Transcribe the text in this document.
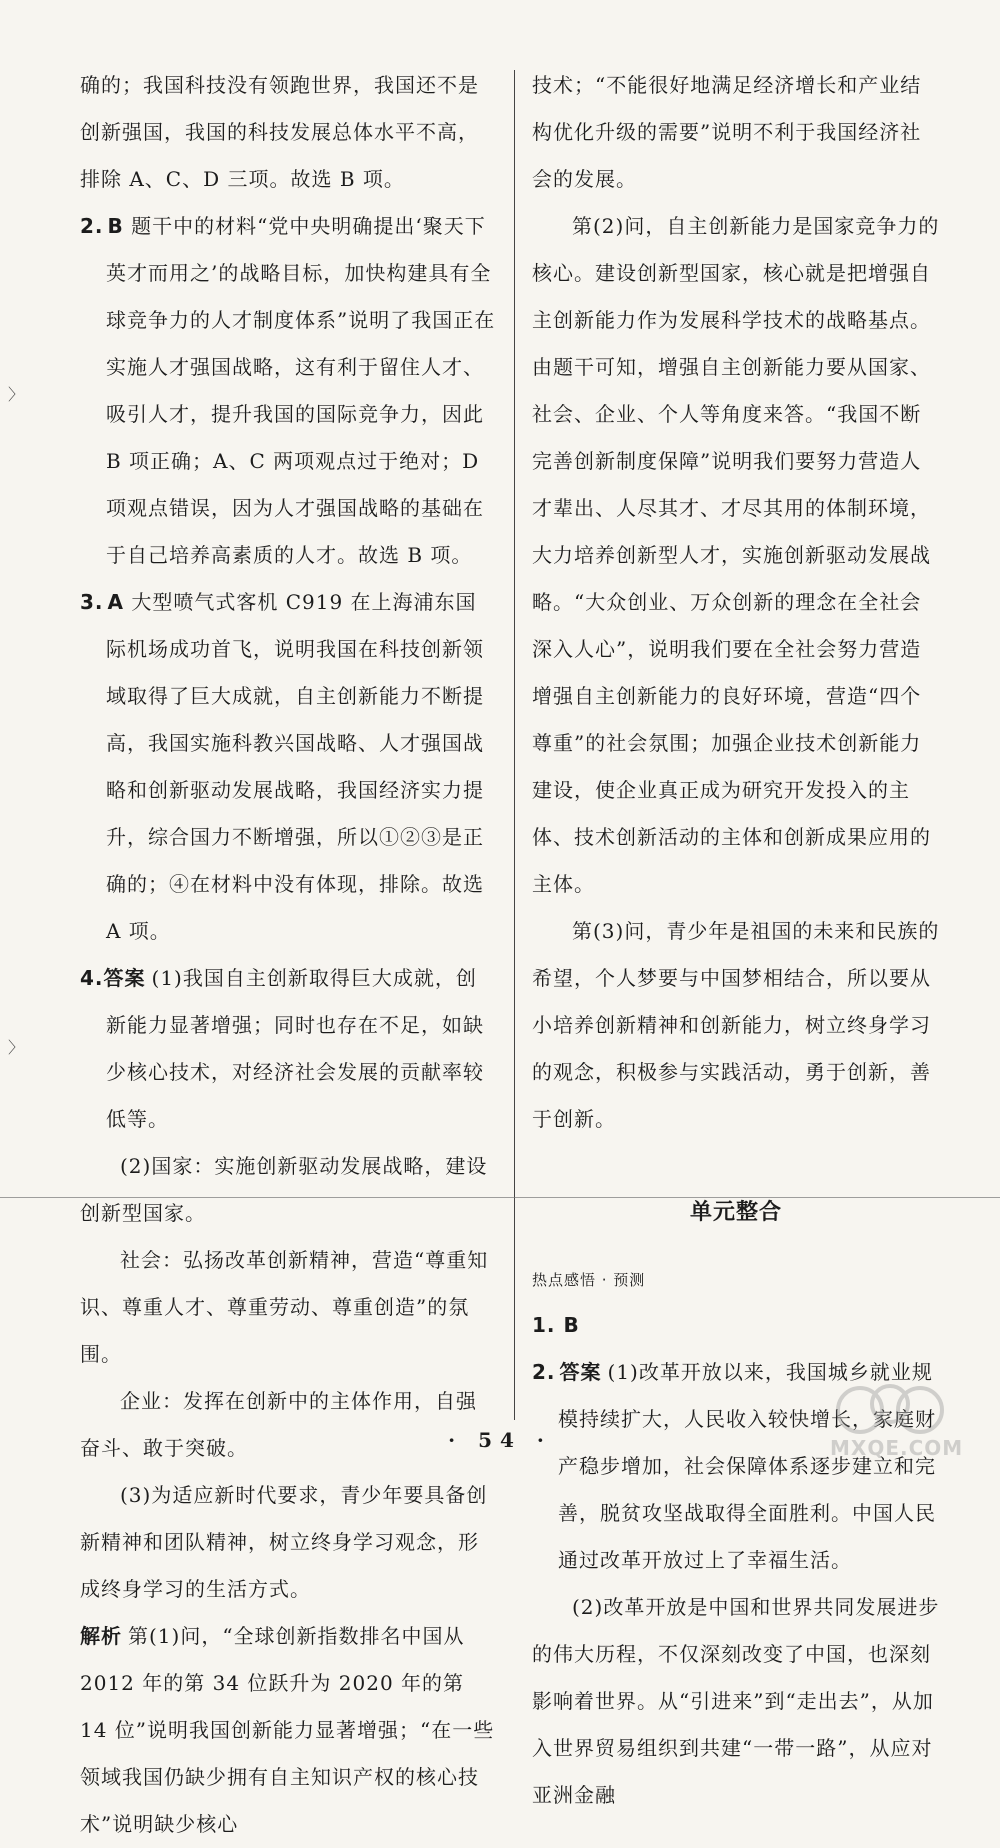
〉
〉

确的；我国科技没有领跑世界，我国还不是创新强国，我国的科技发展总体水平不高，排除 A、C、D 三项。故选 B 项。

2. B 题干中的材料“党中央明确提出‘聚天下英才而用之’的战略目标，加快构建具有全球竞争力的人才制度体系”说明了我国正在实施人才强国战略，这有利于留住人才、吸引人才，提升我国的国际竞争力，因此 B 项正确；A、C 两项观点过于绝对；D 项观点错误，因为人才强国战略的基础在于自己培养高素质的人才。故选 B 项。

3. A 大型喷气式客机 C919 在上海浦东国际机场成功首飞，说明我国在科技创新领域取得了巨大成就，自主创新能力不断提高，我国实施科教兴国战略、人才强国战略和创新驱动发展战略，我国经济实力提升，综合国力不断增强，所以①②③是正确的；④在材料中没有体现，排除。故选 A 项。

4.答案 (1)我国自主创新取得巨大成就，创新能力显著增强；同时也存在不足，如缺少核心技术，对经济社会发展的贡献率较低等。

(2)国家：实施创新驱动发展战略，建设创新型国家。

社会：弘扬改革创新精神，营造“尊重知识、尊重人才、尊重劳动、尊重创造”的氛围。

企业：发挥在创新中的主体作用，自强奋斗、敢于突破。

(3)为适应新时代要求，青少年要具备创新精神和团队精神，树立终身学习观念，形成终身学习的生活方式。

解析 第(1)问，“全球创新指数排名中国从 2012 年的第 34 位跃升为 2020 年的第 14 位”说明我国创新能力显著增强；“在一些领域我国仍缺少拥有自主知识产权的核心技术”说明缺少核心

技术；“不能很好地满足经济增长和产业结构优化升级的需要”说明不利于我国经济社会的发展。

第(2)问，自主创新能力是国家竞争力的核心。建设创新型国家，核心就是把增强自主创新能力作为发展科学技术的战略基点。由题干可知，增强自主创新能力要从国家、社会、企业、个人等角度来答。“我国不断完善创新制度保障”说明我们要努力营造人才辈出、人尽其才、才尽其用的体制环境，大力培养创新型人才，实施创新驱动发展战略。“大众创业、万众创新的理念在全社会深入人心”，说明我们要在全社会努力营造增强自主创新能力的良好环境，营造“四个尊重”的社会氛围；加强企业技术创新能力建设，使企业真正成为研究开发投入的主体、技术创新活动的主体和创新成果应用的主体。

第(3)问，青少年是祖国的未来和民族的希望，个人梦要与中国梦相结合，所以要从小培养创新精神和创新能力，树立终身学习的观念，积极参与实践活动，勇于创新，善于创新。

单元整合
热点感悟 · 预测

1. B

2. 答案 (1)改革开放以来，我国城乡就业规模持续扩大，人民收入较快增长，家庭财产稳步增加，社会保障体系逐步建立和完善，脱贫攻坚战取得全面胜利。中国人民通过改革开放过上了幸福生活。

(2)改革开放是中国和世界共同发展进步的伟大历程，不仅深刻改变了中国，也深刻影响着世界。从“引进来”到“走出去”，从加入世界贸易组织到共建“一带一路”，从应对亚洲金融

· 54 ·	MXQE.COM
